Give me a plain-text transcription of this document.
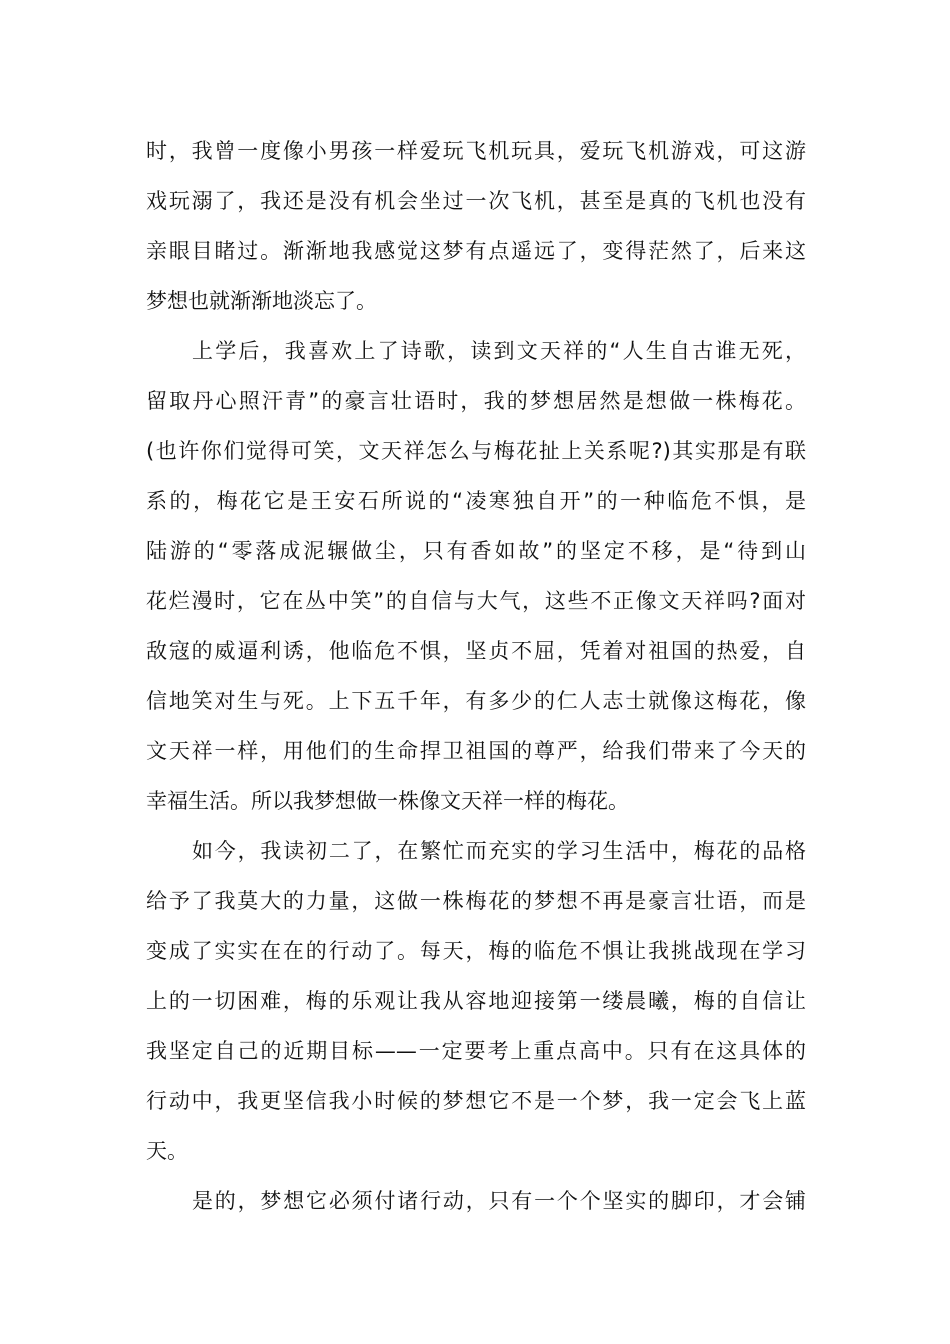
时，我曾一度像小男孩一样爱玩飞机玩具，爱玩飞机游戏，可这游
戏玩溺了，我还是没有机会坐过一次飞机，甚至是真的飞机也没有
亲眼目睹过。渐渐地我感觉这梦有点遥远了，变得茫然了，后来这
梦想也就渐渐地淡忘了。
上学后，我喜欢上了诗歌，读到文天祥的“人生自古谁无死，
留取丹心照汗青”的豪言壮语时，我的梦想居然是想做一株梅花。
(也许你们觉得可笑，文天祥怎么与梅花扯上关系呢?)其实那是有联
系的，梅花它是王安石所说的“凌寒独自开”的一种临危不惧，是
陆游的“零落成泥辗做尘，只有香如故”的坚定不移，是“待到山
花烂漫时，它在丛中笑”的自信与大气，这些不正像文天祥吗?面对
敌寇的威逼利诱，他临危不惧，坚贞不屈，凭着对祖国的热爱，自
信地笑对生与死。上下五千年，有多少的仁人志士就像这梅花，像
文天祥一样，用他们的生命捍卫祖国的尊严，给我们带来了今天的
幸福生活。所以我梦想做一株像文天祥一样的梅花。
如今，我读初二了，在繁忙而充实的学习生活中，梅花的品格
给予了我莫大的力量，这做一株梅花的梦想不再是豪言壮语，而是
变成了实实在在的行动了。每天，梅的临危不惧让我挑战现在学习
上的一切困难，梅的乐观让我从容地迎接第一缕晨曦，梅的自信让
我坚定自己的近期目标——一定要考上重点高中。只有在这具体的
行动中，我更坚信我小时候的梦想它不是一个梦，我一定会飞上蓝
天。
是的，梦想它必须付诸行动，只有一个个坚实的脚印，才会铺
